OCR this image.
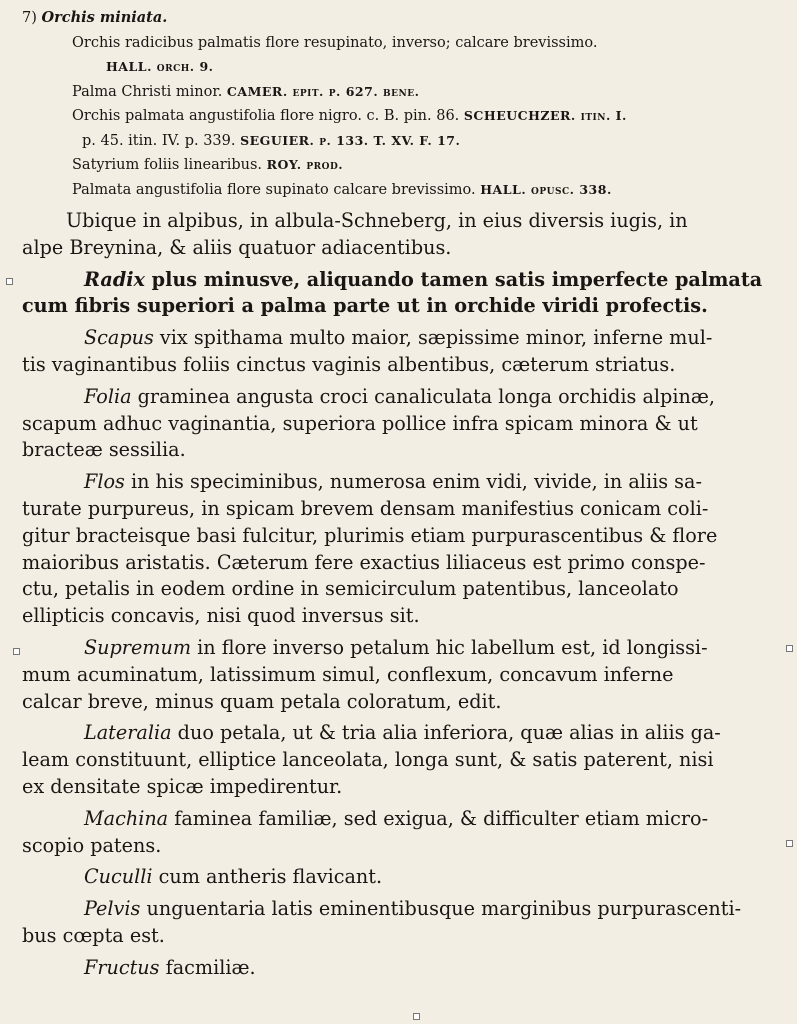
7) Orchis miniata.
Orchis radicibus palmatis flore resupinato, inverso; calcare brevissimo.
HALL. orch. 9.
Palma Christi minor. CAMER. epit. p. 627. bene.
Orchis palmata angustifolia flore nigro. c. B. pin. 86. SCHEUCHZER. itin. I.
p. 45. itin. IV. p. 339. SEGUIER. p. 133. T. XV. F. 17.
Satyrium foliis linearibus. ROY. prod.
Palmata angustifolia flore supinato calcare brevissimo. HALL. opusc. 338.
Ubique in alpibus, in albula-Schneberg, in eius diversis iugis, in
alpe Breynina, & aliis quatuor adiacentibus.
Radix plus minusve, aliquando tamen satis imperfecte palmata
cum fibris superiori a palma parte ut in orchide viridi profectis.
Scapus vix spithama multo maior, sæpissime minor, inferne mul-
tis vaginantibus foliis cinctus vaginis albentibus, cæterum striatus.
Folia graminea angusta croci canaliculata longa orchidis alpinæ,
scapum adhuc vaginantia, superiora pollice infra spicam minora & ut
bracteæ sessilia.
Flos in his speciminibus, numerosa enim vidi, vivide, in aliis sa-
turate purpureus, in spicam brevem densam manifestius conicam coli-
gitur bracteisque basi fulcitur, plurimis etiam purpurascentibus & flore
maioribus aristatis. Cæterum fere exactius liliaceus est primo conspe-
ctu, petalis in eodem ordine in semicirculum patentibus, lanceolato
ellipticis concavis, nisi quod inversus sit.
Supremum in flore inverso petalum hic labellum est, id longissi-
mum acuminatum, latissimum simul, conflexum, concavum inferne
calcar breve, minus quam petala coloratum, edit.
Lateralia duo petala, ut & tria alia inferiora, quæ alias in aliis ga-
leam constituunt, elliptice lanceolata, longa sunt, & satis paterent, nisi
ex densitate spicæ impedirentur.
Machina faminea familiæ, sed exigua, & difficulter etiam micro-
scopio patens.
Cuculli cum antheris flavicant.
Pelvis unguentaria latis eminentibusque marginibus purpurascenti-
bus cœpta est.
Fructus facmiliæ.
